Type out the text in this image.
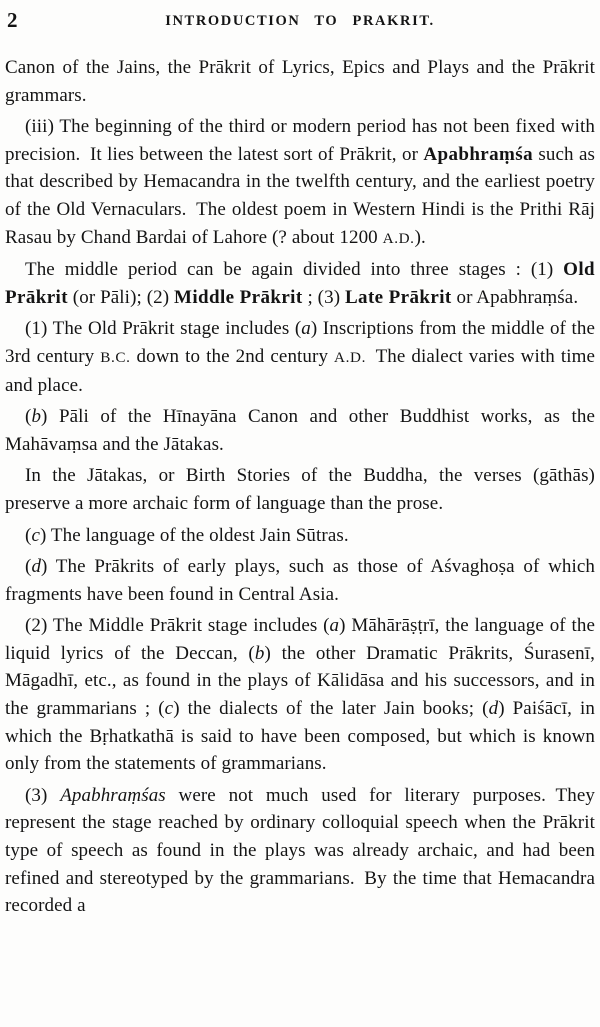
2	INTRODUCTION TO PRAKRIT.

Canon of the Jains, the Prākrit of Lyrics, Epics and Plays and the Prākrit grammars.

(iii) The beginning of the third or modern period has not been fixed with precision. It lies between the latest sort of Prākrit, or Apabhraṃśa such as that described by Hemacandra in the twelfth century, and the earliest poetry of the Old Vernaculars. The oldest poem in Western Hindi is the Prithi Rāj Rasau by Chand Bardai of Lahore (? about 1200 A.D.).

The middle period can be again divided into three stages : (1) Old Prākrit (or Pāli); (2) Middle Prākrit ; (3) Late Prākrit or Apabhraṃśa.

(1) The Old Prākrit stage includes (a) Inscriptions from the middle of the 3rd century B.C. down to the 2nd century A.D. The dialect varies with time and place.

(b) Pāli of the Hīnayāna Canon and other Buddhist works, as the Mahāvaṃsa and the Jātakas.

In the Jātakas, or Birth Stories of the Buddha, the verses (gāthās) preserve a more archaic form of language than the prose.

(c) The language of the oldest Jain Sūtras.

(d) The Prākrits of early plays, such as those of Aśvaghoṣa of which fragments have been found in Central Asia.

(2) The Middle Prākrit stage includes (a) Māhārāṣṭrī, the language of the liquid lyrics of the Deccan, (b) the other Dramatic Prākrits, Śurasenī, Māgadhī, etc., as found in the plays of Kālidāsa and his successors, and in the grammarians ; (c) the dialects of the later Jain books; (d) Paiśācī, in which the Bṛhatkathā is said to have been composed, but which is known only from the statements of grammarians.

(3) Apabhraṃśas were not much used for literary purposes. They represent the stage reached by ordinary colloquial speech when the Prākrit type of speech as found in the plays was already archaic, and had been refined and stereotyped by the grammarians. By the time that Hemacandra recorded a
